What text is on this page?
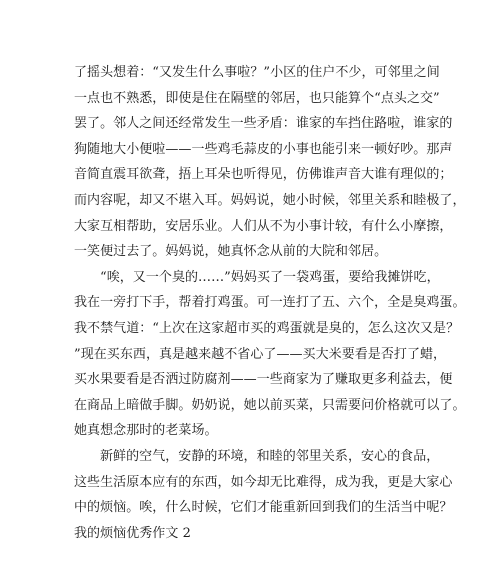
了摇头想着：“又发生什么事啦？”小区的住户不少，可邻里之间
一点也不熟悉，即使是住在隔壁的邻居，也只能算个“点头之交”
罢了。邻人之间还经常发生一些矛盾：谁家的车挡住路啦，谁家的
狗随地大小便啦——一些鸡毛蒜皮的小事也能引来一顿好吵。那声
音简直震耳欲聋，捂上耳朵也听得见，仿佛谁声音大谁有理似的；
而内容呢，却又不堪入耳。妈妈说，她小时候，邻里关系和睦极了，
大家互相帮助，安居乐业。人们从不为小事计较，有什么小摩擦，
一笑便过去了。妈妈说，她真怀念从前的大院和邻居。
“唉，又一个臭的……”妈妈买了一袋鸡蛋，要给我摊饼吃，
我在一旁打下手，帮着打鸡蛋。可一连打了五、六个，全是臭鸡蛋。
我不禁气道：“上次在这家超市买的鸡蛋就是臭的，怎么这次又是？
”现在买东西，真是越来越不省心了——买大米要看是否打了蜡，
买水果要看是否洒过防腐剂——一些商家为了赚取更多利益去，便
在商品上暗做手脚。奶奶说，她以前买菜，只需要问价格就可以了。
她真想念那时的老菜场。
新鲜的空气，安静的环境，和睦的邻里关系，安心的食品，
这些生活原本应有的东西，如今却无比难得，成为我，更是大家心
中的烦恼。唉，什么时候，它们才能重新回到我们的生活当中呢？
我的烦恼优秀作文 2
